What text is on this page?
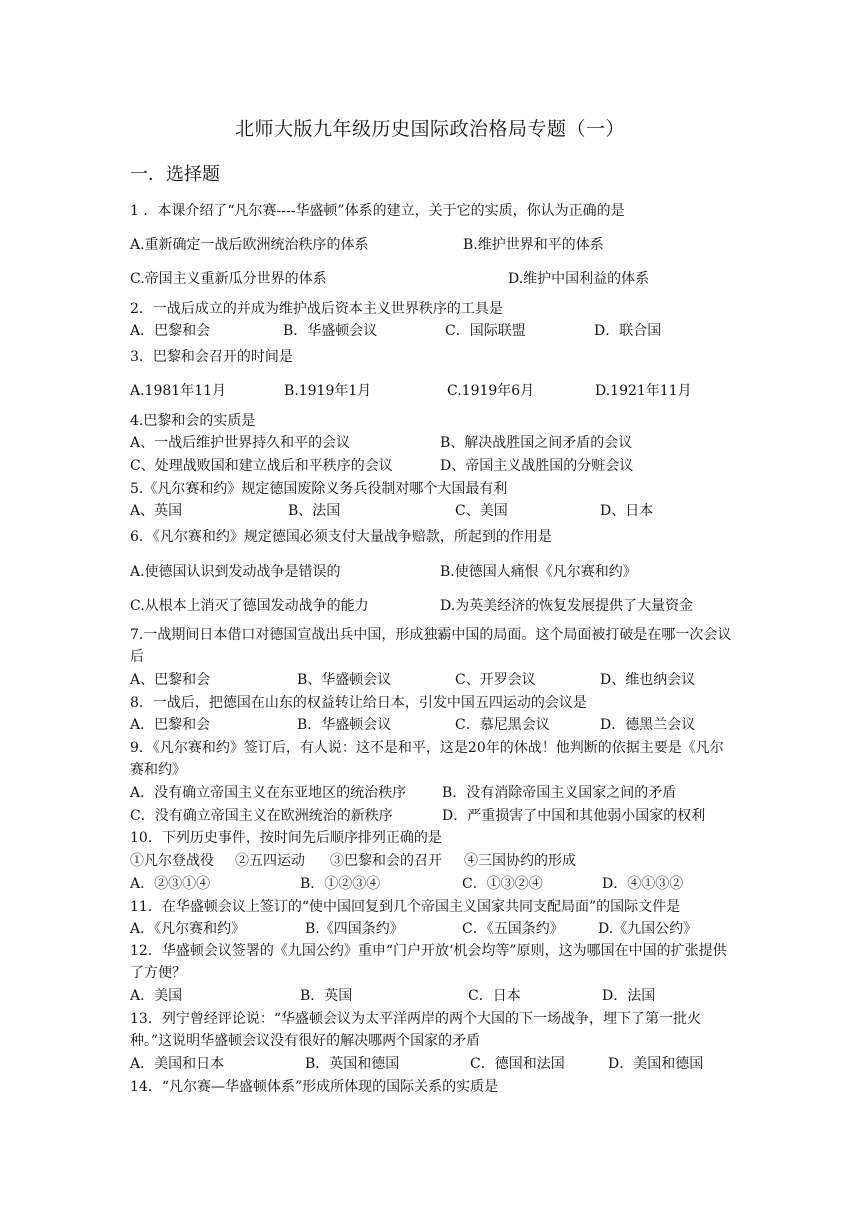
北师大版九年级历史国际政治格局专题（一）
一．选择题
1 ．本课介绍了“凡尔赛----华盛顿”体系的建立，关于它的实质，你认为正确的是
A.重新确定一战后欧洲统治秩序的体系	B.维护世界和平的体系
C.帝国主义重新瓜分世界的体系	D.维护中国利益的体系
2．一战后成立的并成为维护战后资本主义世界秩序的工具是
A．巴黎和会	B．华盛顿会议	C．国际联盟	D．联合国
3．巴黎和会召开的时间是
A.1981年11月	B.1919年1月	C.1919年6月	D.1921年11月
4.巴黎和会的实质是
A、一战后维护世界持久和平的会议	B、解决战胜国之间矛盾的会议
C、处理战败国和建立战后和平秩序的会议	D、帝国主义战胜国的分赃会议
5.《凡尔赛和约》规定德国废除义务兵役制对哪个大国最有利
A、英国	B、法国	C、美国	D、日本
6．《凡尔赛和约》规定德国必须支付大量战争赔款，所起到的作用是
A.使德国认识到发动战争是错误的	B.使德国人痛恨《凡尔赛和约》
C.从根本上消灭了德国发动战争的能力	D.为英美经济的恢复发展提供了大量资金
7.一战期间日本借口对德国宣战出兵中国，形成独霸中国的局面。这个局面被打破是在哪一次会议后
A、巴黎和会	B、华盛顿会议	C、开罗会议	D、维也纳会议
8．一战后，把德国在山东的权益转让给日本，引发中国五四运动的会议是
A．巴黎和会	B．华盛顿会议	C．慕尼黑会议	D．德黑兰会议
9．《凡尔赛和约》签订后，有人说：这不是和平，这是20年的休战！他判断的依据主要是《凡尔赛和约》
A．没有确立帝国主义在东亚地区的统治秩序	B．没有消除帝国主义国家之间的矛盾
C．没有确立帝国主义在欧洲统治的新秩序	D．严重损害了中国和其他弱小国家的权利
10．下列历史事件，按时间先后顺序排列正确的是
①凡尔登战役 ②五四运动 ③巴黎和会的召开 ④三国协约的形成
A．②③①④	B．①②③④	C．①③②④	D．④①③②
11．在华盛顿会议上签订的“使中国回复到几个帝国主义国家共同支配局面”的国际文件是
A．《凡尔赛和约》	B.《四国条约》	C．《五国条约》 D.《九国公约》
12．华盛顿会议签署的《九国公约》重申“门户开放‘机会均等”原则，这为哪国在中国的扩张提供了方便？
A．美国	B．英国	C．日本	D．法国
13．列宁曾经评论说：“华盛顿会议为太平洋两岸的两个大国的下一场战争，埋下了第一批火种。”这说明华盛顿会议没有很好的解决哪两个国家的矛盾
A．美国和日本	B．英国和德国	C．德国和法国	D．美国和德国
14．“凡尔赛—华盛顿体系”形成所体现的国际关系的实质是
